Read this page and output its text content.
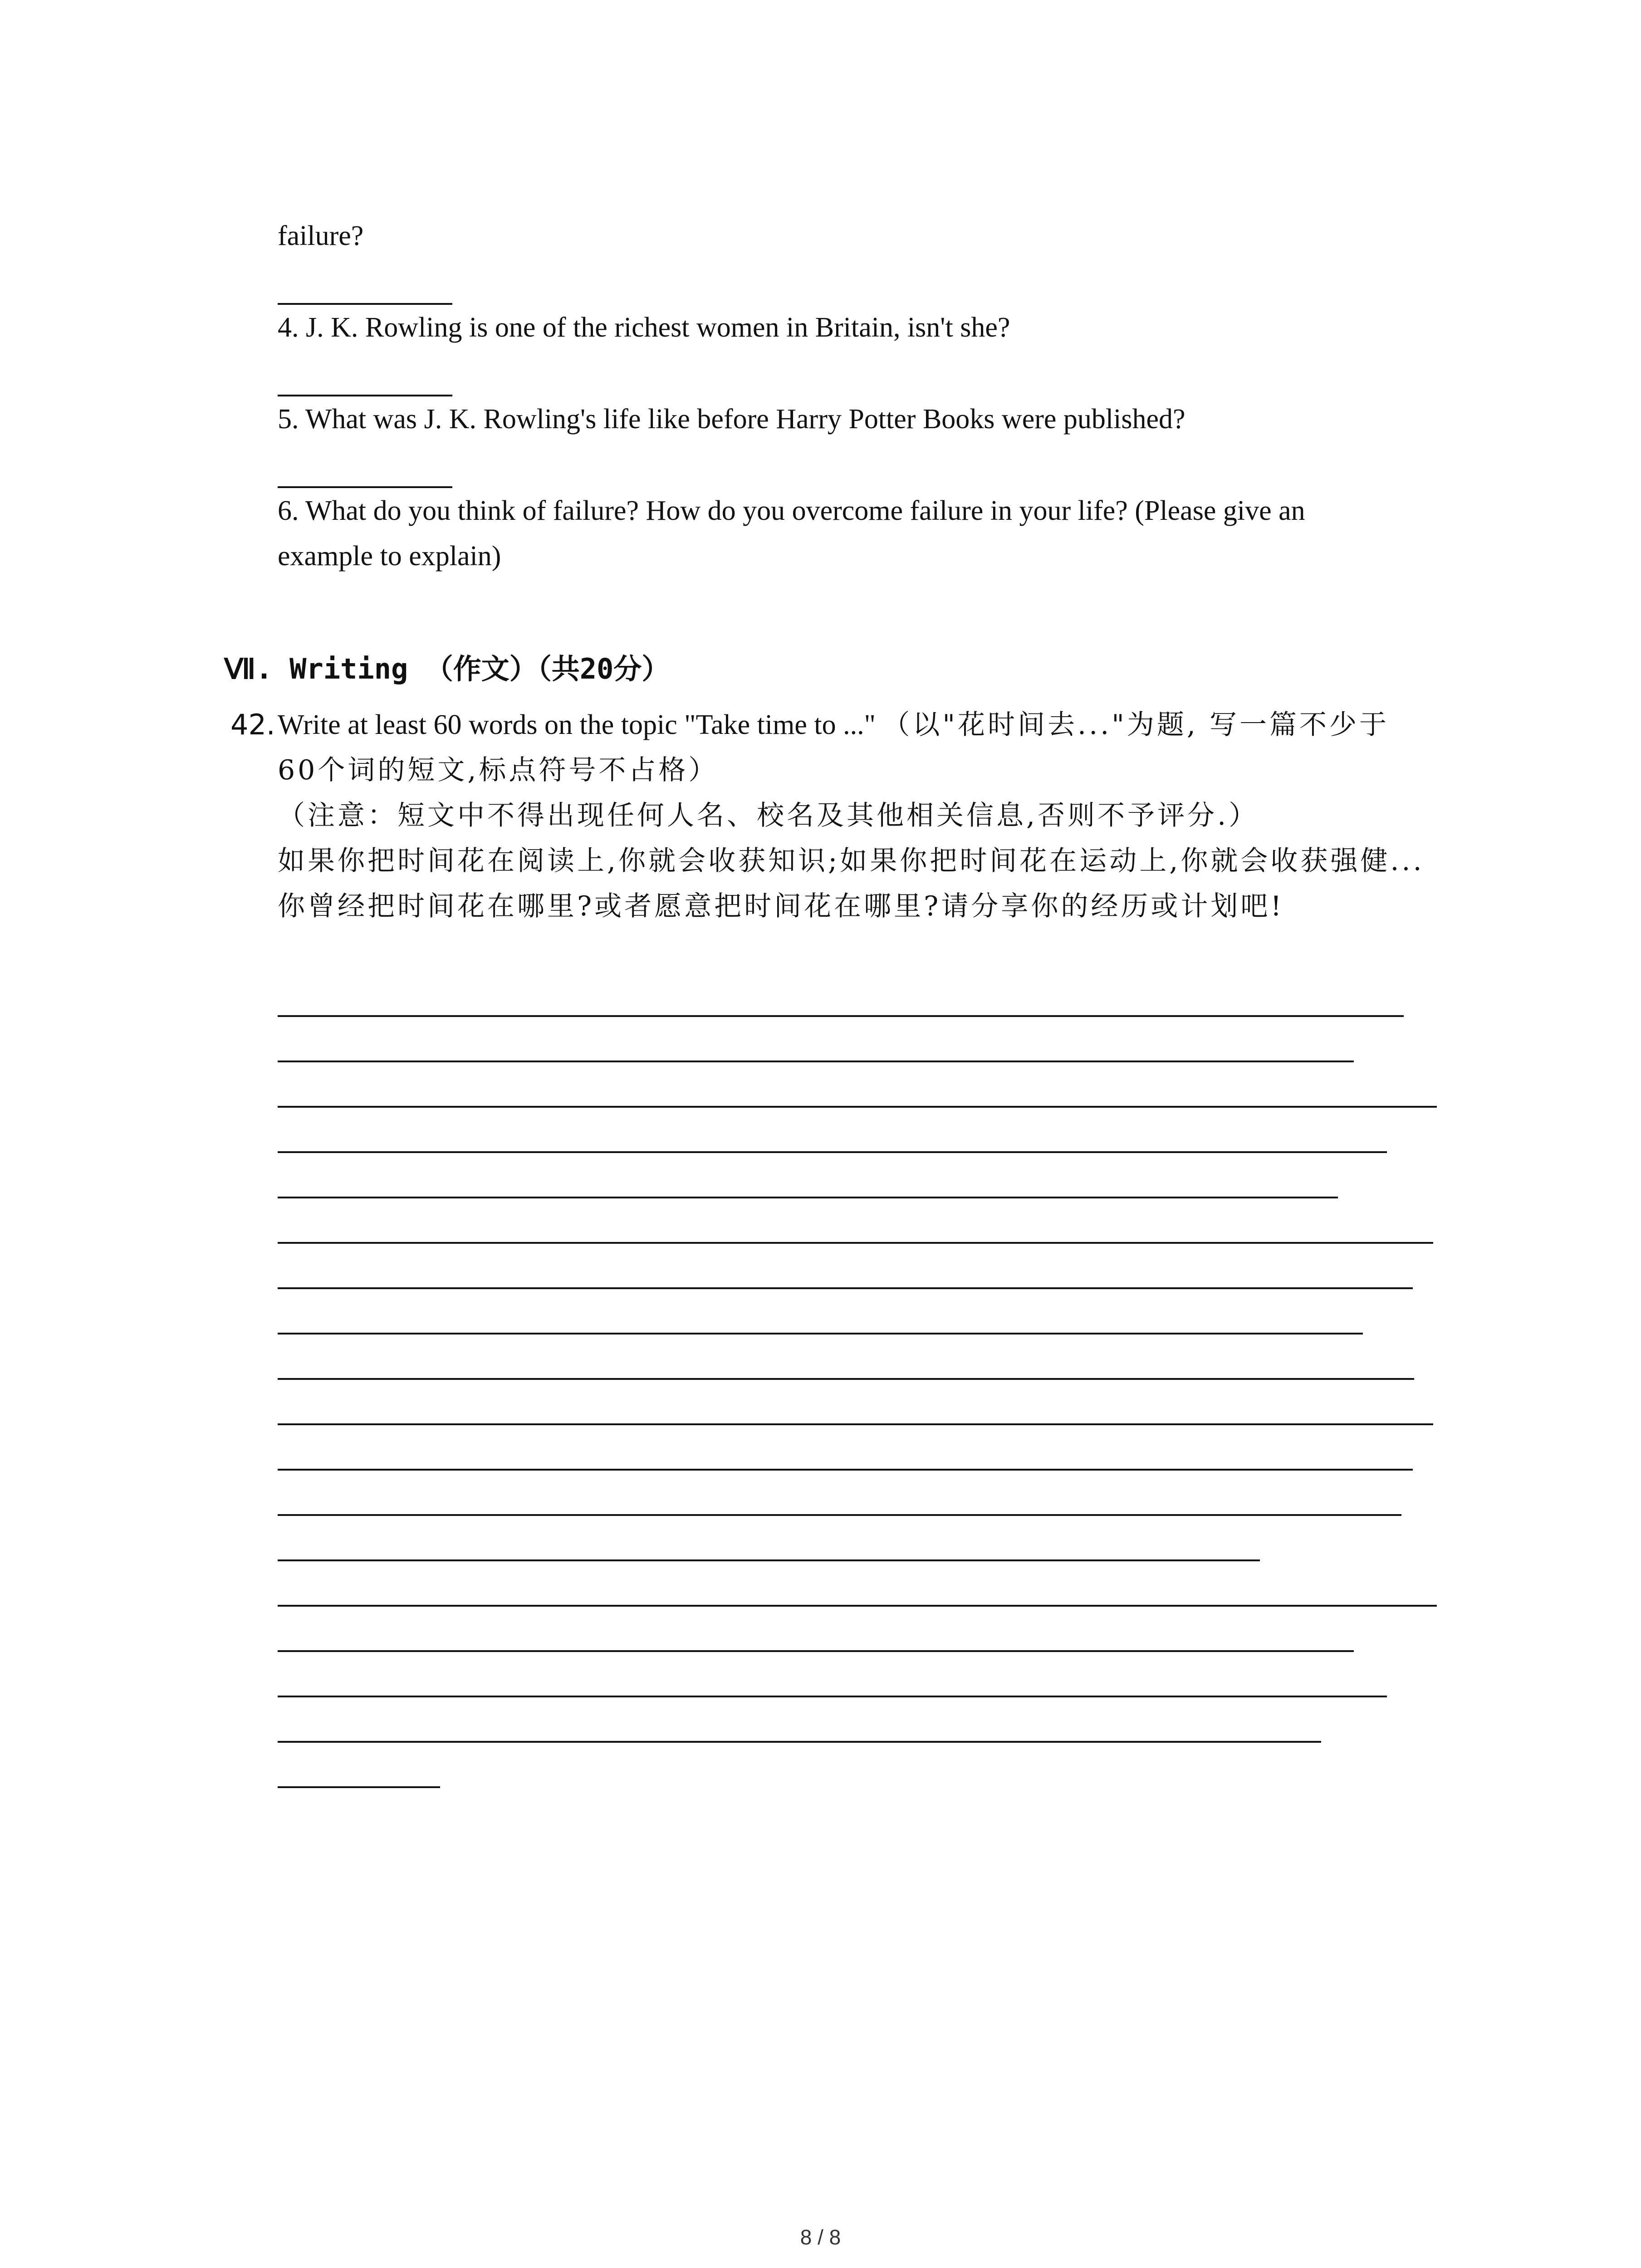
failure?
4. J. K. Rowling is one of the richest women in Britain, isn't she?
5. What was J. K. Rowling's life like before Harry Potter Books were published?
6. What do you think of failure? How do you overcome failure in your life? (Please give an
example to explain)
Ⅶ. Writing （作文）（共20分）
42. Write at least 60 words on the topic "Take time to ..." （以"花时间去..."为题, 写一篇不少于
60个词的短文,标点符号不占格）
（注意：短文中不得出现任何人名、校名及其他相关信息,否则不予评分.）
如果你把时间花在阅读上,你就会收获知识;如果你把时间花在运动上,你就会收获强健...
你曾经把时间花在哪里?或者愿意把时间花在哪里?请分享你的经历或计划吧!
8 / 8
